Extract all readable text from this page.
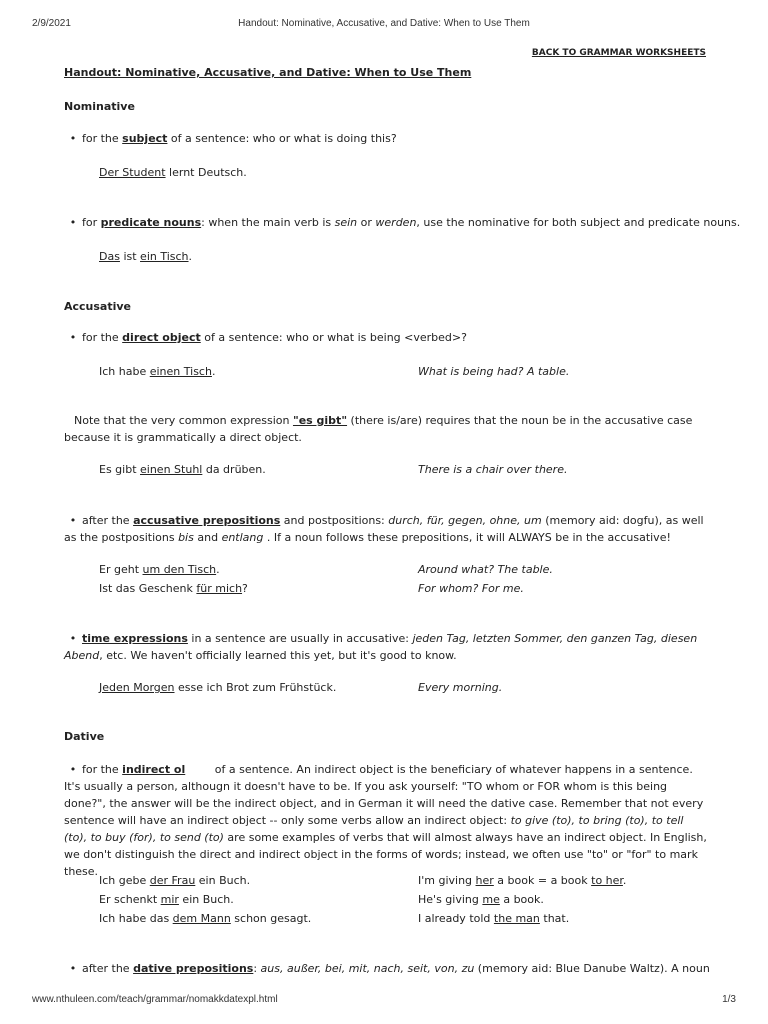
2/9/2021	Handout: Nominative, Accusative, and Dative: When to Use Them
BACK TO GRAMMAR WORKSHEETS
Handout: Nominative, Accusative, and Dative: When to Use Them
Nominative
• for the subject of a sentence: who or what is doing this?
Der Student lernt Deutsch.
• for predicate nouns: when the main verb is sein or werden, use the nominative for both subject and predicate nouns.
Das ist ein Tisch.
Accusative
• for the direct object of a sentence: who or what is being <verbed>?
Ich habe einen Tisch.	What is being had? A table.
Note that the very common expression "es gibt" (there is/are) requires that the noun be in the accusative case because it is grammatically a direct object.
Es gibt einen Stuhl da drüben.	There is a chair over there.
• after the accusative prepositions and postpositions: durch, für, gegen, ohne, um (memory aid: dogfu), as well as the postpositions bis and entlang . If a noun follows these prepositions, it will ALWAYS be in the accusative!
Er geht um den Tisch.	Around what? The table.
Ist das Geschenk für mich?	For whom? For me.
• time expressions in a sentence are usually in accusative: jeden Tag, letzten Sommer, den ganzen Tag, diesen Abend, etc. We haven't officially learned this yet, but it's good to know.
Jeden Morgen esse ich Brot zum Frühstück.	Every morning.
Dative
• for the indirect ol of a sentence. An indirect object is the beneficiary of whatever happens in a sentence. It's usually a person, althougn it doesn't have to be. If you ask yourself: "TO whom or FOR whom is this being done?", the answer will be the indirect object, and in German it will need the dative case. Remember that not every sentence will have an indirect object -- only some verbs allow an indirect object: to give (to), to bring (to), to tell (to), to buy (for), to send (to) are some examples of verbs that will almost always have an indirect object. In English, we don't distinguish the direct and indirect object in the forms of words; instead, we often use "to" or "for" to mark these.
Ich gebe der Frau ein Buch.	I'm giving her a book = a book to her.
Er schenkt mir ein Buch.	He's giving me a book.
Ich habe das dem Mann schon gesagt.	I already told the man that.
• after the dative prepositions: aus, außer, bei, mit, nach, seit, von, zu (memory aid: Blue Danube Waltz). A noun
www.nthuleen.com/teach/grammar/nomakkdatexpl.html	1/3
